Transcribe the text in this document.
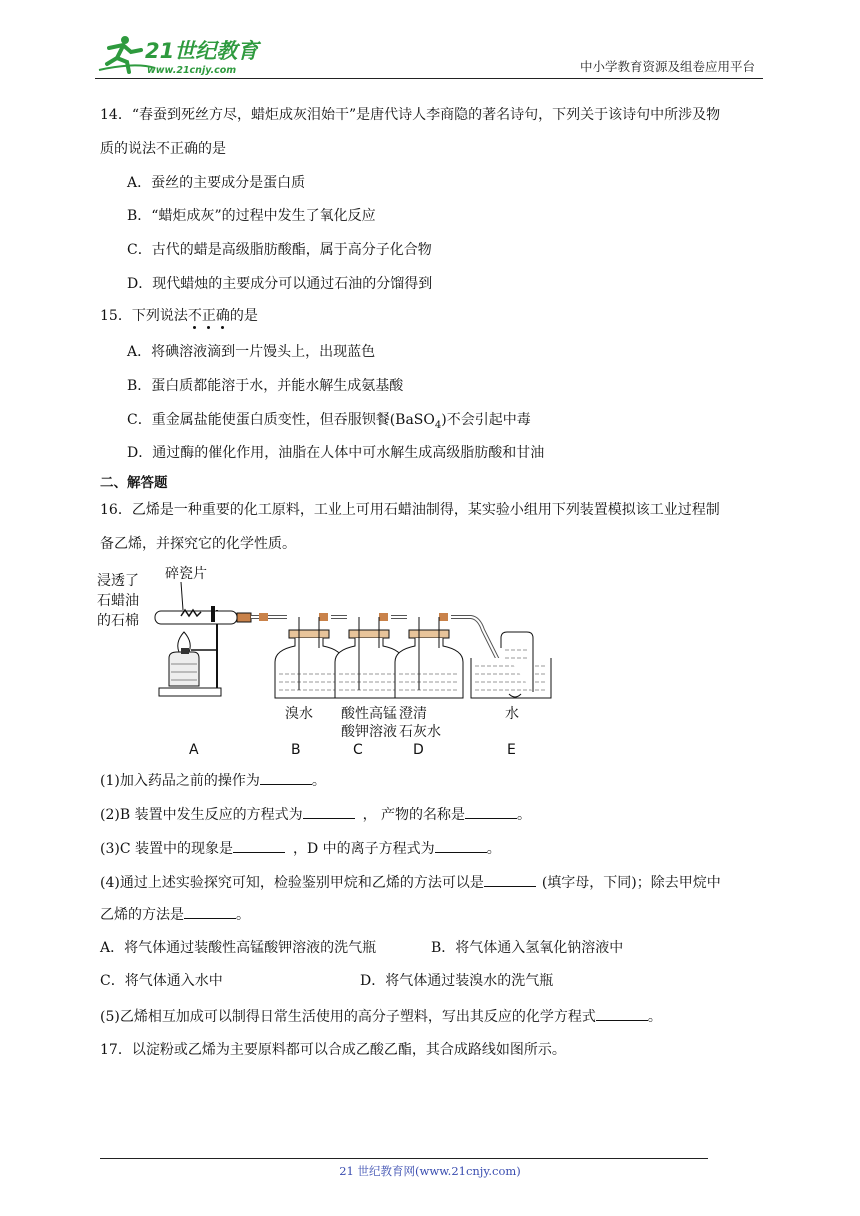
21世纪教育
www.21cnjy.com	中小学教育资源及组卷应用平台
14．“春蚕到死丝方尽，蜡炬成灰泪始干”是唐代诗人李商隐的著名诗句，下列关于该诗句中所涉及物
质的说法不正确的是
A．蚕丝的主要成分是蛋白质
B．“蜡炬成灰”的过程中发生了氧化反应
C．古代的蜡是高级脂肪酸酯，属于高分子化合物
D．现代蜡烛的主要成分可以通过石油的分馏得到
15．下列说法不正确的是
A．将碘溶液滴到一片馒头上，出现蓝色
B．蛋白质都能溶于水，并能水解生成氨基酸
C．重金属盐能使蛋白质变性，但吞服钡餐(BaSO$_4$)不会引起中毒
D．通过酶的催化作用，油脂在人体中可水解生成高级脂肪酸和甘油
二、解答题
16．乙烯是一种重要的化工原料，工业上可用石蜡油制得，某实验小组用下列装置模拟该工业过程制
备乙烯，并探究它的化学性质。
浸透了
石蜡油
的石棉
碎瓷片
溴水 酸性高锰
酸钾溶液
澄清
石灰水
水
A	B	C	D	E
(1)加入药品之前的操作为	。
(2)B 装置中发生反应的方程式为	， 产物的名称是	。
(3)C 装置中的现象是	，D 中的离子方程式为	。
(4)通过上述实验探究可知，检验鉴别甲烷和乙烯的方法可以是	(填字母，下同)；除去甲烷中
乙烯的方法是	。
A．将气体通过装酸性高锰酸钾溶液的洗气瓶	B．将气体通入氢氧化钠溶液中
C．将气体通入水中	D．将气体通过装溴水的洗气瓶
(5)乙烯相互加成可以制得日常生活使用的高分子塑料，写出其反应的化学方程式	。
17．以淀粉或乙烯为主要原料都可以合成乙酸乙酯，其合成路线如图所示。
21 世纪教育网(www.21cnjy.com)
